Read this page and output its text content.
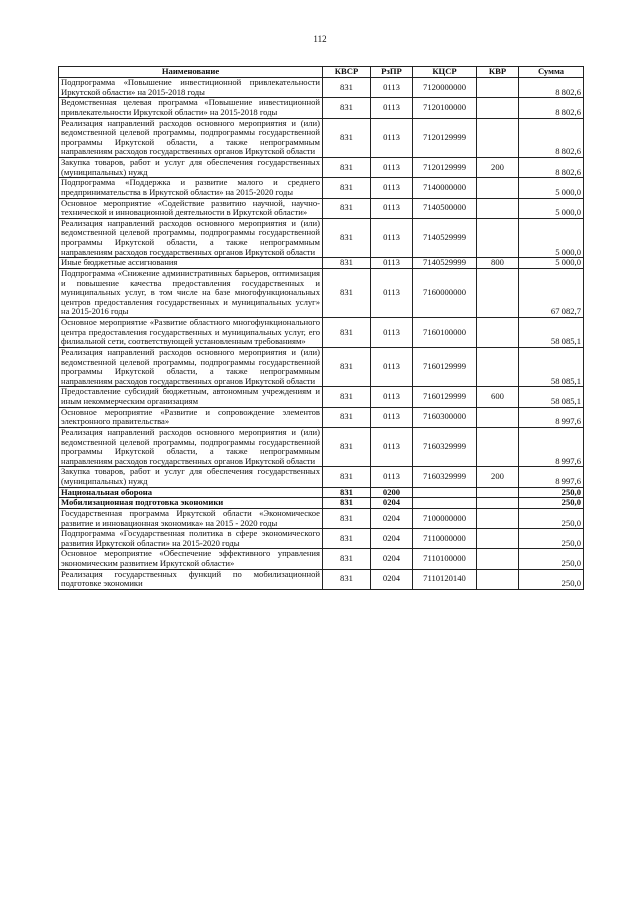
112
Наименование	КВСР	РзПР	КЦСР	КВР	Сумма
Подпрограмма «Повышение инвестиционной привлекательности Иркутской области» на 2015-2018 годы	831	0113	7120000000		8 802,6
Ведомственная целевая программа «Повышение инвестиционной привлекательности Иркутской области» на 2015-2018 годы	831	0113	7120100000		8 802,6
Реализация направлений расходов основного мероприятия и (или) ведомственной целевой программы, подпрограммы государственной программы Иркутской области, а также непрограммным направлениям расходов государственных органов Иркутской области	831	0113	7120129999		8 802,6
Закупка товаров, работ и услуг для обеспечения государственных (муниципальных) нужд	831	0113	7120129999	200	8 802,6
Подпрограмма «Поддержка и развитие малого и среднего предпринимательства в Иркутской области» на 2015-2020 годы	831	0113	7140000000		5 000,0
Основное мероприятие «Содействие развитию научной, научно-технической и инновационной деятельности в Иркутской области»	831	0113	7140500000		5 000,0
Реализация направлений расходов основного мероприятия и (или) ведомственной целевой программы, подпрограммы государственной программы Иркутской области, а также непрограммным направлениям расходов государственных органов Иркутской области	831	0113	7140529999		5 000,0
Иные бюджетные ассигнования	831	0113	7140529999	800	5 000,0
Подпрограмма «Снижение административных барьеров, оптимизация и повышение качества предоставления государственных и муниципальных услуг, в том числе на базе многофункциональных центров предоставления государственных и муниципальных услуг» на 2015-2016 годы	831	0113	7160000000		67 082,7
Основное мероприятие «Развитие областного многофункционального центра предоставления государственных и муниципальных услуг, его филиальной сети, соответствующей установленным требованиям»	831	0113	7160100000		58 085,1
Реализация направлений расходов основного мероприятия и (или) ведомственной целевой программы, подпрограммы государственной программы Иркутской области, а также непрограммным направлениям расходов государственных органов Иркутской области	831	0113	7160129999		58 085,1
Предоставление субсидий бюджетным, автономным учреждениям и иным некоммерческим организациям	831	0113	7160129999	600	58 085,1
Основное мероприятие «Развитие и сопровождение элементов электронного правительства»	831	0113	7160300000		8 997,6
Реализация направлений расходов основного мероприятия и (или) ведомственной целевой программы, подпрограммы государственной программы Иркутской области, а также непрограммным направлениям расходов государственных органов Иркутской области	831	0113	7160329999		8 997,6
Закупка товаров, работ и услуг для обеспечения государственных (муниципальных) нужд	831	0113	7160329999	200	8 997,6
Национальная оборона	831	0200			250,0
Мобилизационная подготовка экономики	831	0204			250,0
Государственная программа Иркутской области «Экономическое развитие и инновационная экономика» на 2015 - 2020 годы	831	0204	7100000000		250,0
Подпрограмма «Государственная политика в сфере экономического развития Иркутской области» на 2015-2020 годы	831	0204	7110000000		250,0
Основное мероприятие «Обеспечение эффективного управления экономическим развитием Иркутской области»	831	0204	7110100000		250,0
Реализация государственных функций по мобилизационной подготовке экономики	831	0204	7110120140		250,0
